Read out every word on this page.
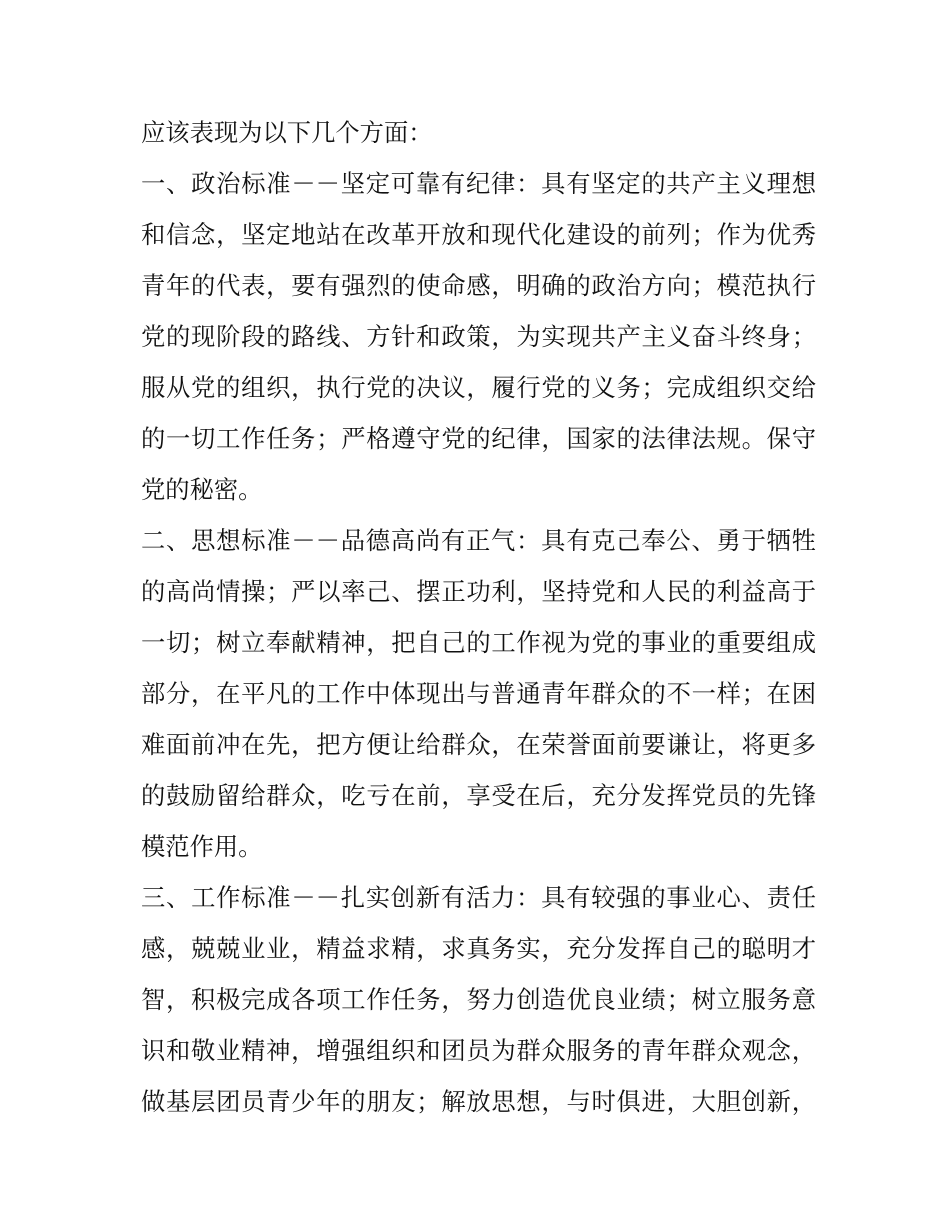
应该表现为以下几个方面：
一、政治标准－－坚定可靠有纪律：具有坚定的共产主义理想
和信念，坚定地站在改革开放和现代化建设的前列；作为优秀
青年的代表，要有强烈的使命感，明确的政治方向；模范执行
党的现阶段的路线、方针和政策，为实现共产主义奋斗终身；
服从党的组织，执行党的决议，履行党的义务；完成组织交给
的一切工作任务；严格遵守党的纪律，国家的法律法规。保守
党的秘密。
二、思想标准－－品德高尚有正气：具有克己奉公、勇于牺牲
的高尚情操；严以率己、摆正功利，坚持党和人民的利益高于
一切；树立奉献精神，把自己的工作视为党的事业的重要组成
部分，在平凡的工作中体现出与普通青年群众的不一样；在困
难面前冲在先，把方便让给群众，在荣誉面前要谦让，将更多
的鼓励留给群众，吃亏在前，享受在后，充分发挥党员的先锋
模范作用。
三、工作标准－－扎实创新有活力：具有较强的事业心、责任
感，兢兢业业，精益求精，求真务实，充分发挥自己的聪明才
智，积极完成各项工作任务，努力创造优良业绩；树立服务意
识和敬业精神，增强组织和团员为群众服务的青年群众观念，
做基层团员青少年的朋友；解放思想，与时俱进，大胆创新，
